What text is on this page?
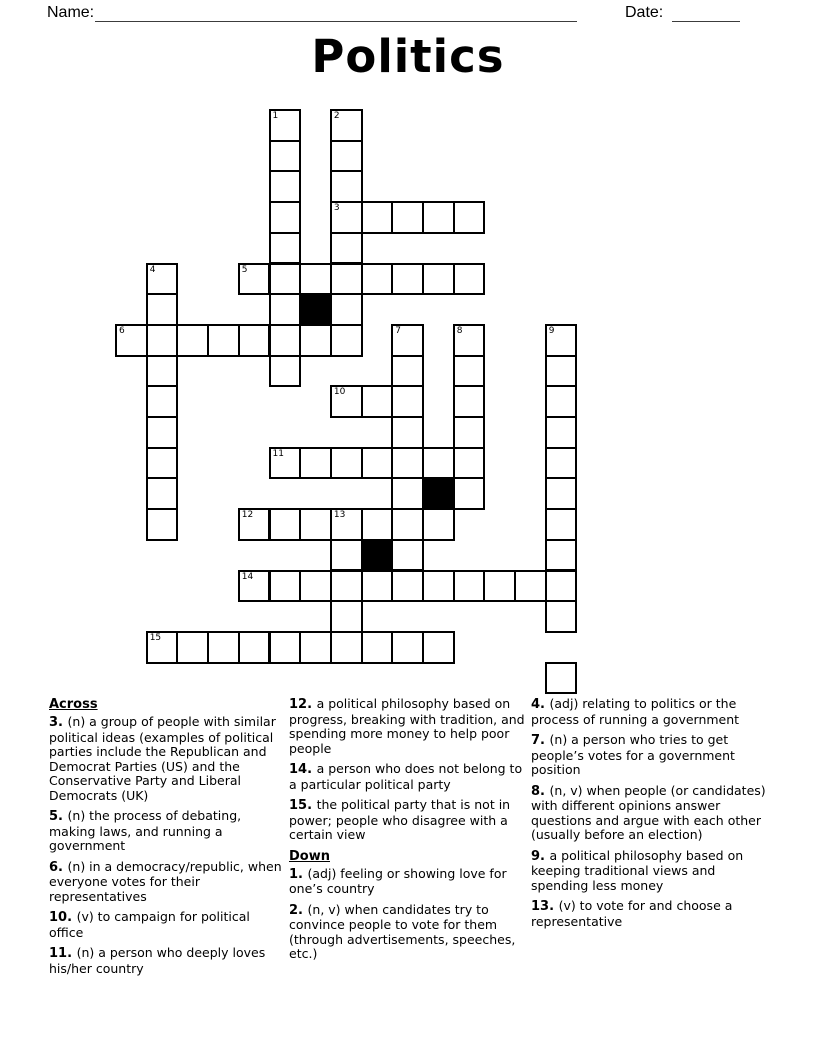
Name:	Date:
Politics
1	2
3
4	5
6	7	8	9
10
11
12	13
14
15
Across

3. (n) a group of people with similar political ideas (examples of political parties include the Republican and Democrat Parties (US) and the Conservative Party and Liberal Democrats (UK)

5. (n) the process of debating, making laws, and running a government

6. (n) in a democracy/republic, when everyone votes for their representatives

10. (v) to campaign for political office

11. (n) a person who deeply loves his/her country

12. a political philosophy based on progress, breaking with tradition, and spending more money to help poor people

14. a person who does not belong to a particular political party

15. the political party that is not in power; people who disagree with a certain view

Down

1. (adj) feeling or showing love for one’s country

2. (n, v) when candidates try to convince people to vote for them (through advertisements, speeches, etc.)

4. (adj) relating to politics or the process of running a government

7. (n) a person who tries to get people’s votes for a government position

8. (n, v) when people (or candidates) with different opinions answer questions and argue with each other (usually before an election)

9. a political philosophy based on keeping traditional views and spending less money

13. (v) to vote for and choose a representative
